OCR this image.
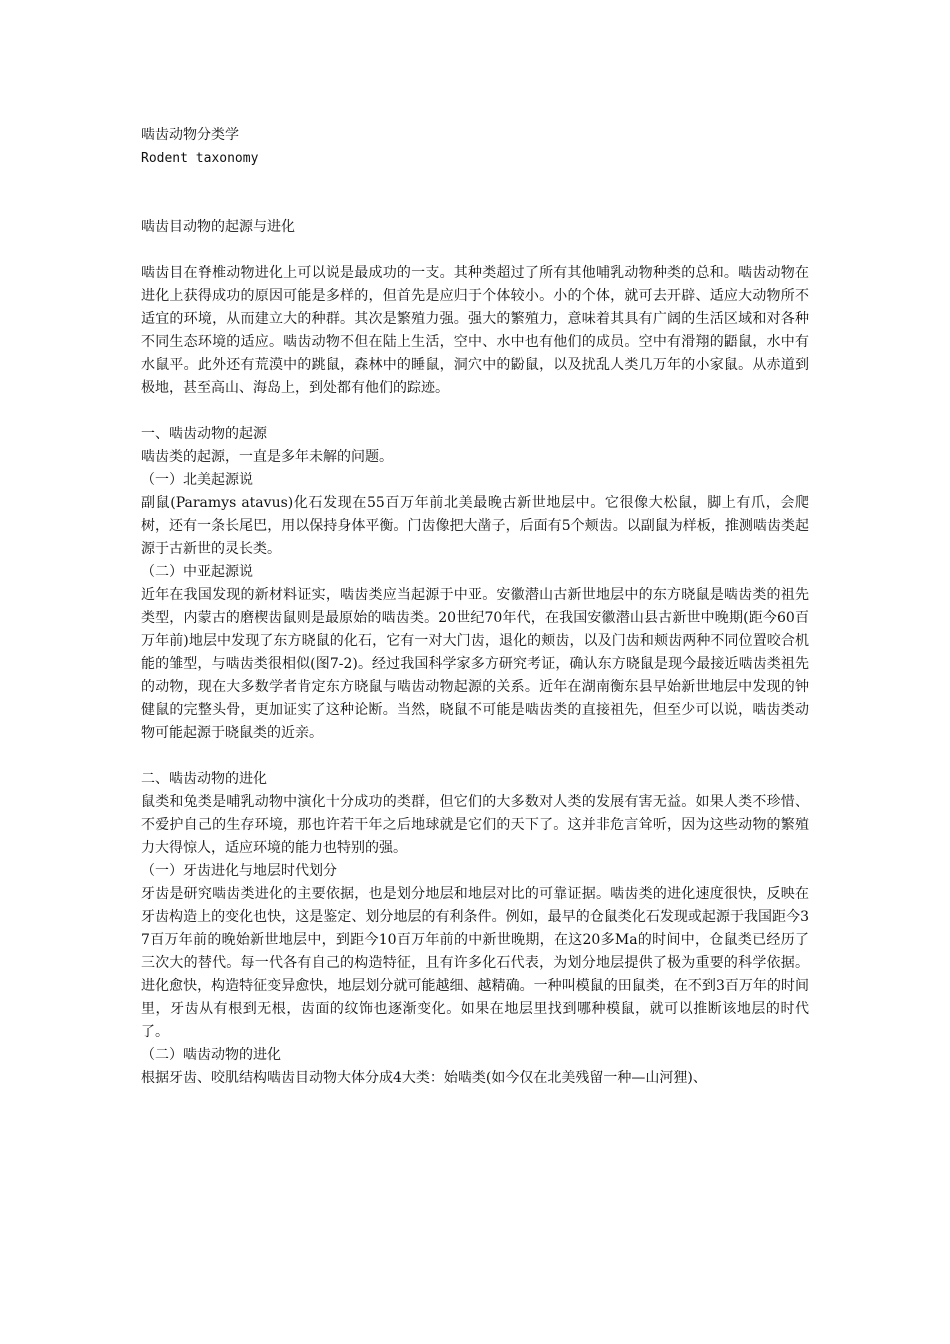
啮齿动物分类学

Rodent taxonomy

啮齿目动物的起源与进化

啮齿目在脊椎动物进化上可以说是最成功的一支。其种类超过了所有其他哺乳动物种类的总和。啮齿动物在进化上获得成功的原因可能是多样的，但首先是应归于个体较小。小的个体，就可去开辟、适应大动物所不适宜的环境，从而建立大的种群。其次是繁殖力强。强大的繁殖力，意味着其具有广阔的生活区域和对各种不同生态环境的适应。啮齿动物不但在陆上生活，空中、水中也有他们的成员。空中有滑翔的鼯鼠，水中有水鼠平。此外还有荒漠中的跳鼠，森林中的睡鼠，洞穴中的鼢鼠，以及扰乱人类几万年的小家鼠。从赤道到极地，甚至高山、海岛上，到处都有他们的踪迹。

一、啮齿动物的起源

啮齿类的起源，一直是多年未解的问题。

（一）北美起源说

副鼠(Paramys atavus)化石发现在55百万年前北美最晚古新世地层中。它很像大松鼠，脚上有爪，会爬树，还有一条长尾巴，用以保持身体平衡。门齿像把大凿子，后面有5个颊齿。以副鼠为样板，推测啮齿类起源于古新世的灵长类。

（二）中亚起源说

近年在我国发现的新材料证实，啮齿类应当起源于中亚。安徽潜山古新世地层中的东方晓鼠是啮齿类的祖先类型，内蒙古的磨楔齿鼠则是最原始的啮齿类。20世纪70年代，在我国安徽潜山县古新世中晚期(距今60百万年前)地层中发现了东方晓鼠的化石，它有一对大门齿，退化的颊齿，以及门齿和颊齿两种不同位置咬合机能的雏型，与啮齿类很相似(图7-2)。经过我国科学家多方研究考证，确认东方晓鼠是现今最接近啮齿类祖先的动物，现在大多数学者肯定东方晓鼠与啮齿动物起源的关系。近年在湖南衡东县早始新世地层中发现的钟健鼠的完整头骨，更加证实了这种论断。当然，晓鼠不可能是啮齿类的直接祖先，但至少可以说，啮齿类动物可能起源于晓鼠类的近亲。

二、啮齿动物的进化

鼠类和兔类是哺乳动物中演化十分成功的类群，但它们的大多数对人类的发展有害无益。如果人类不珍惜、不爱护自己的生存环境，那也许若干年之后地球就是它们的天下了。这并非危言耸听，因为这些动物的繁殖力大得惊人，适应环境的能力也特别的强。

（一）牙齿进化与地层时代划分

牙齿是研究啮齿类进化的主要依据，也是划分地层和地层对比的可靠证据。啮齿类的进化速度很快，反映在牙齿构造上的变化也快，这是鉴定、划分地层的有利条件。例如，最早的仓鼠类化石发现或起源于我国距今37百万年前的晚始新世地层中，到距今10百万年前的中新世晚期，在这20多Ma的时间中，仓鼠类已经历了三次大的替代。每一代各有自己的构造特征，且有许多化石代表，为划分地层提供了极为重要的科学依据。进化愈快，构造特征变异愈快，地层划分就可能越细、越精确。一种叫模鼠的田鼠类，在不到3百万年的时间里，牙齿从有根到无根，齿面的纹饰也逐渐变化。如果在地层里找到哪种模鼠，就可以推断该地层的时代了。

（二）啮齿动物的进化

根据牙齿、咬肌结构啮齿目动物大体分成4大类：始啮类(如今仅在北美残留一种—山河狸)、
